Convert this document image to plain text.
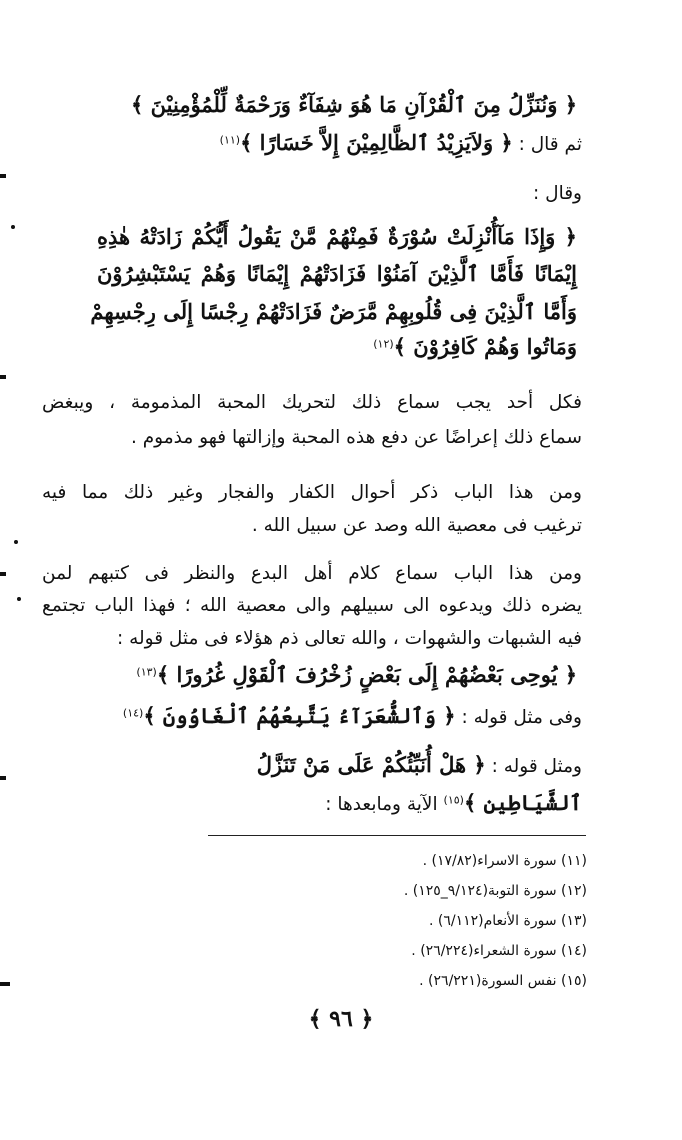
﴿ وَنُنَزِّلُ مِنَ ٱلْقُرْآنِ مَا هُوَ شِفَآءٌ وَرَحْمَةٌ لِّلْمُؤْمِنِيْنَ ﴾
ثم قال : ﴿ وَلاَيَزِيْدُ ٱلظَّالِمِيْنَ إِلاَّ خَسَارًا ﴾$^{(١١)}$
وقال :
﴿ وَإِذَا مَآأُنْزِلَتْ سُوْرَةٌ فَمِنْهُمْ مَّنْ يَقُولُ أَيُّكُمْ زَادَتْهُ هٰذِهِ
إِيْمَانًا فَأَمَّا ٱلَّذِيْنَ آمَنُوْا فَزَادَتْهُمْ إِيْمَانًا وَهُمْ يَسْتَبْشِرُوْنَ
وَأَمَّا ٱلَّذِيْنَ فِى قُلُوبِهِمْ مَّرَضٌ فَزَادَتْهُمْ رِجْسًا إِلَى رِجْسِهِمْ
وَمَاتُوا وَهُمْ كَافِرُوْنَ ﴾$^{(١٢)}$
فكل أحد يجب سماع ذلك لتحريك المحبة المذمومة ، ويبغض
سماع ذلك إعراضًا عن دفع هذه المحبة وإزالتها فهو مذموم .
ومن هذا الباب ذكر أحوال الكفار والفجار وغير ذلك مما فيه
ترغيب فى معصية الله وصد عن سبيل الله .
ومن هذا الباب سماع كلام أهل البدع والنظر فى كتبهم لمن
يضره ذلك ويدعوه الى سبيلهم والى معصية الله ؛ فهذا الباب تجتمع
فيه الشبهات والشهوات ، والله تعالى ذم هؤلاء فى مثل قوله :
﴿ يُوحِى بَعْضُهُمْ إِلَى بَعْضٍ زُخْرُفَ ٱلْقَوْلِ غُرُورًا ﴾$^{(١٣)}$
وفى مثل قوله : ﴿ وَٱلشُّعَرَآءُ يَتَّبِعُهُمُ ٱلْغَاوُونَ ﴾$^{(١٤)}$
ومثل قوله : ﴿ هَلْ أُنَبِّئُكُمْ عَلَى مَنْ تَنَزَّلُ
ٱلشَّيَاطِين ﴾$^{(١٥)}$ الآية ومابعدها :
(١١) سورة الاسراء(١٧/٨٢) .
(١٢) سورة التوبة(٩/١٢٤_١٢٥) .
(١٣) سورة الأنعام(٦/١١٢) .
(١٤) سورة الشعراء(٢٦/٢٢٤) .
(١٥) نفس السورة(٢٦/٢٢١) .
﴿ ٩٦ ﴾
